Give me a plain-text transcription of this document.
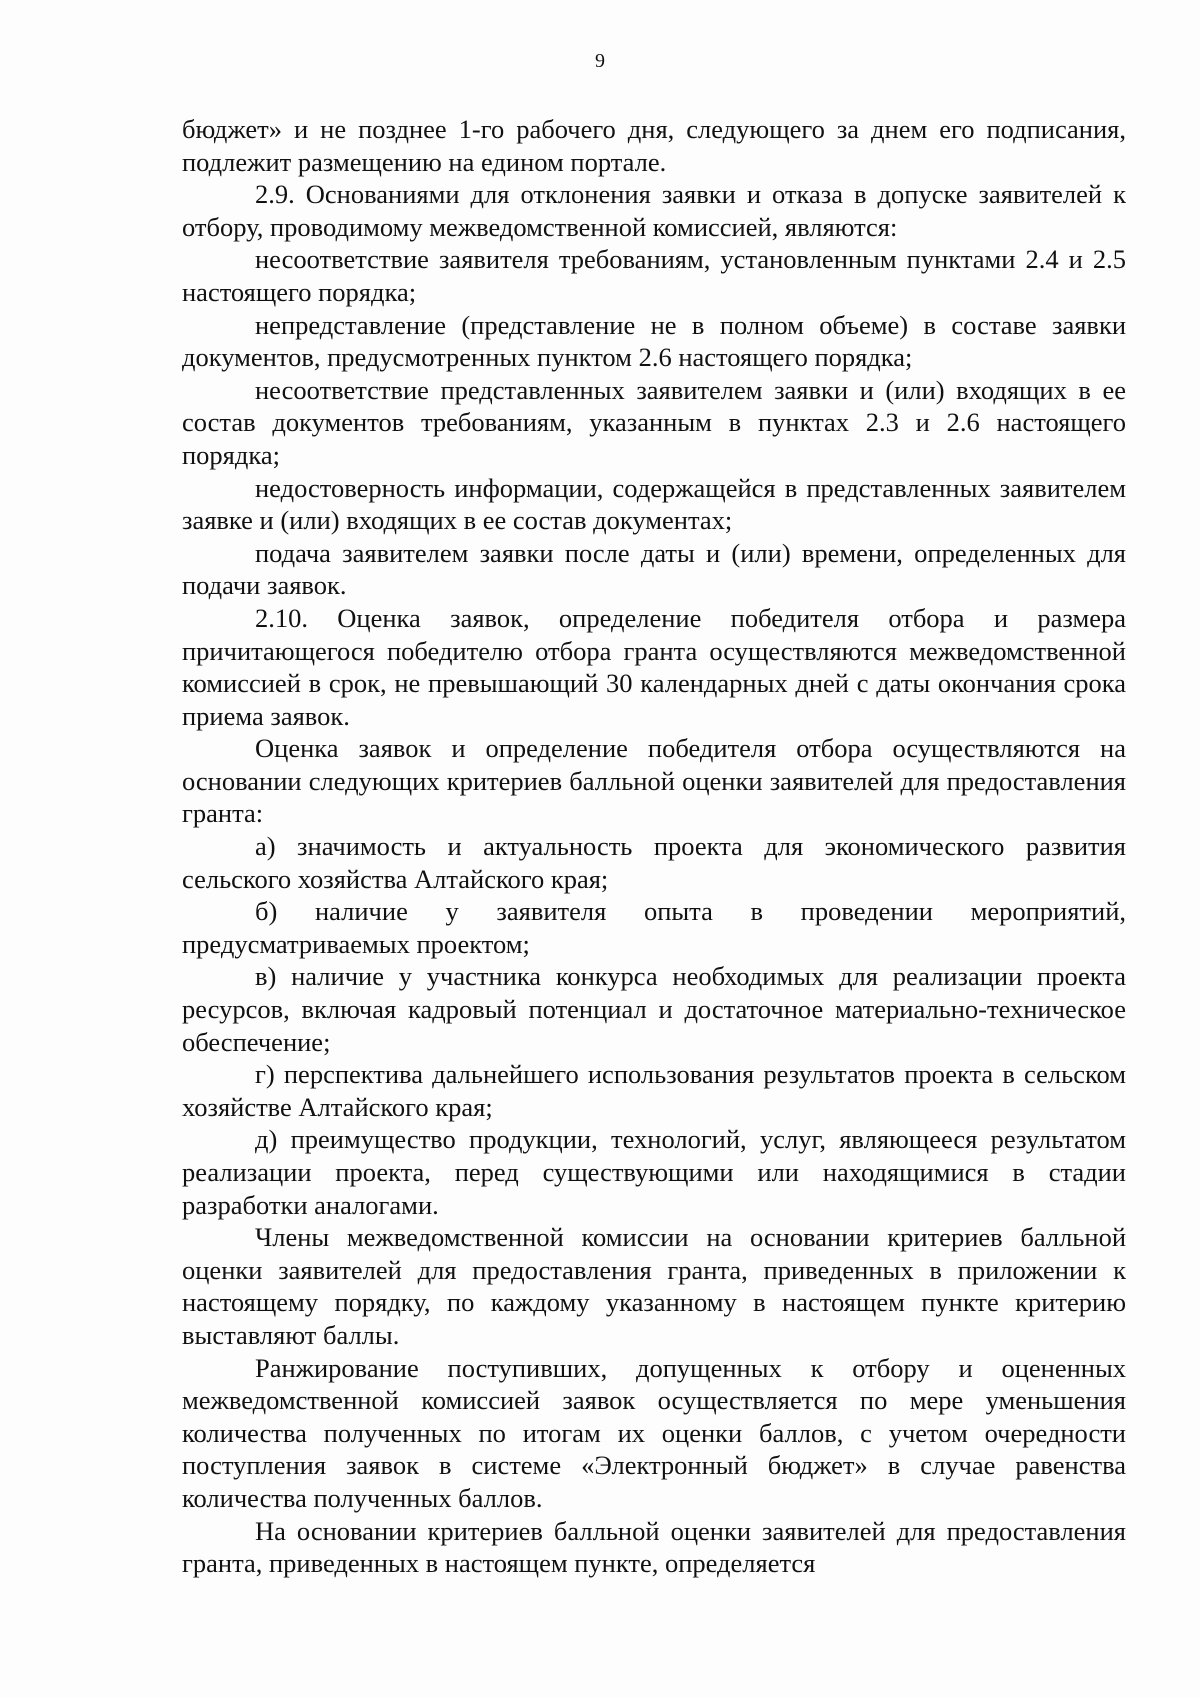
9

бюджет» и не позднее 1-го рабочего дня, следующего за днем его подписания, подлежит размещению на едином портале.

2.9. Основаниями для отклонения заявки и отказа в допуске заявителей к отбору, проводимому межведомственной комиссией, являются:

несоответствие заявителя требованиям, установленным пунктами 2.4 и 2.5 настоящего порядка;

непредставление (представление не в полном объеме) в составе заявки документов, предусмотренных пунктом 2.6 настоящего порядка;

несоответствие представленных заявителем заявки и (или) входящих в ее состав документов требованиям, указанным в пунктах 2.3 и 2.6 настоящего порядка;

недостоверность информации, содержащейся в представленных заявителем заявке и (или) входящих в ее состав документах;

подача заявителем заявки после даты и (или) времени, определенных для подачи заявок.

2.10. Оценка заявок, определение победителя отбора и размера причитающегося победителю отбора гранта осуществляются межведомственной комиссией в срок, не превышающий 30 календарных дней с даты окончания срока приема заявок.

Оценка заявок и определение победителя отбора осуществляются на основании следующих критериев балльной оценки заявителей для предоставления гранта:

а) значимость и актуальность проекта для экономического развития сельского хозяйства Алтайского края;

б) наличие у заявителя опыта в проведении мероприятий, предусматриваемых проектом;

в) наличие у участника конкурса необходимых для реализации проекта ресурсов, включая кадровый потенциал и достаточное материально-техническое обеспечение;

г) перспектива дальнейшего использования результатов проекта в сельском хозяйстве Алтайского края;

д) преимущество продукции, технологий, услуг, являющееся результатом реализации проекта, перед существующими или находящимися в стадии разработки аналогами.

Члены межведомственной комиссии на основании критериев балльной оценки заявителей для предоставления гранта, приведенных в приложении к настоящему порядку, по каждому указанному в настоящем пункте критерию выставляют баллы.

Ранжирование поступивших, допущенных к отбору и оцененных межведомственной комиссией заявок осуществляется по мере уменьшения количества полученных по итогам их оценки баллов, с учетом очередности поступления заявок в системе «Электронный бюджет» в случае равенства количества полученных баллов.

На основании критериев балльной оценки заявителей для предоставления гранта, приведенных в настоящем пункте, определяется
